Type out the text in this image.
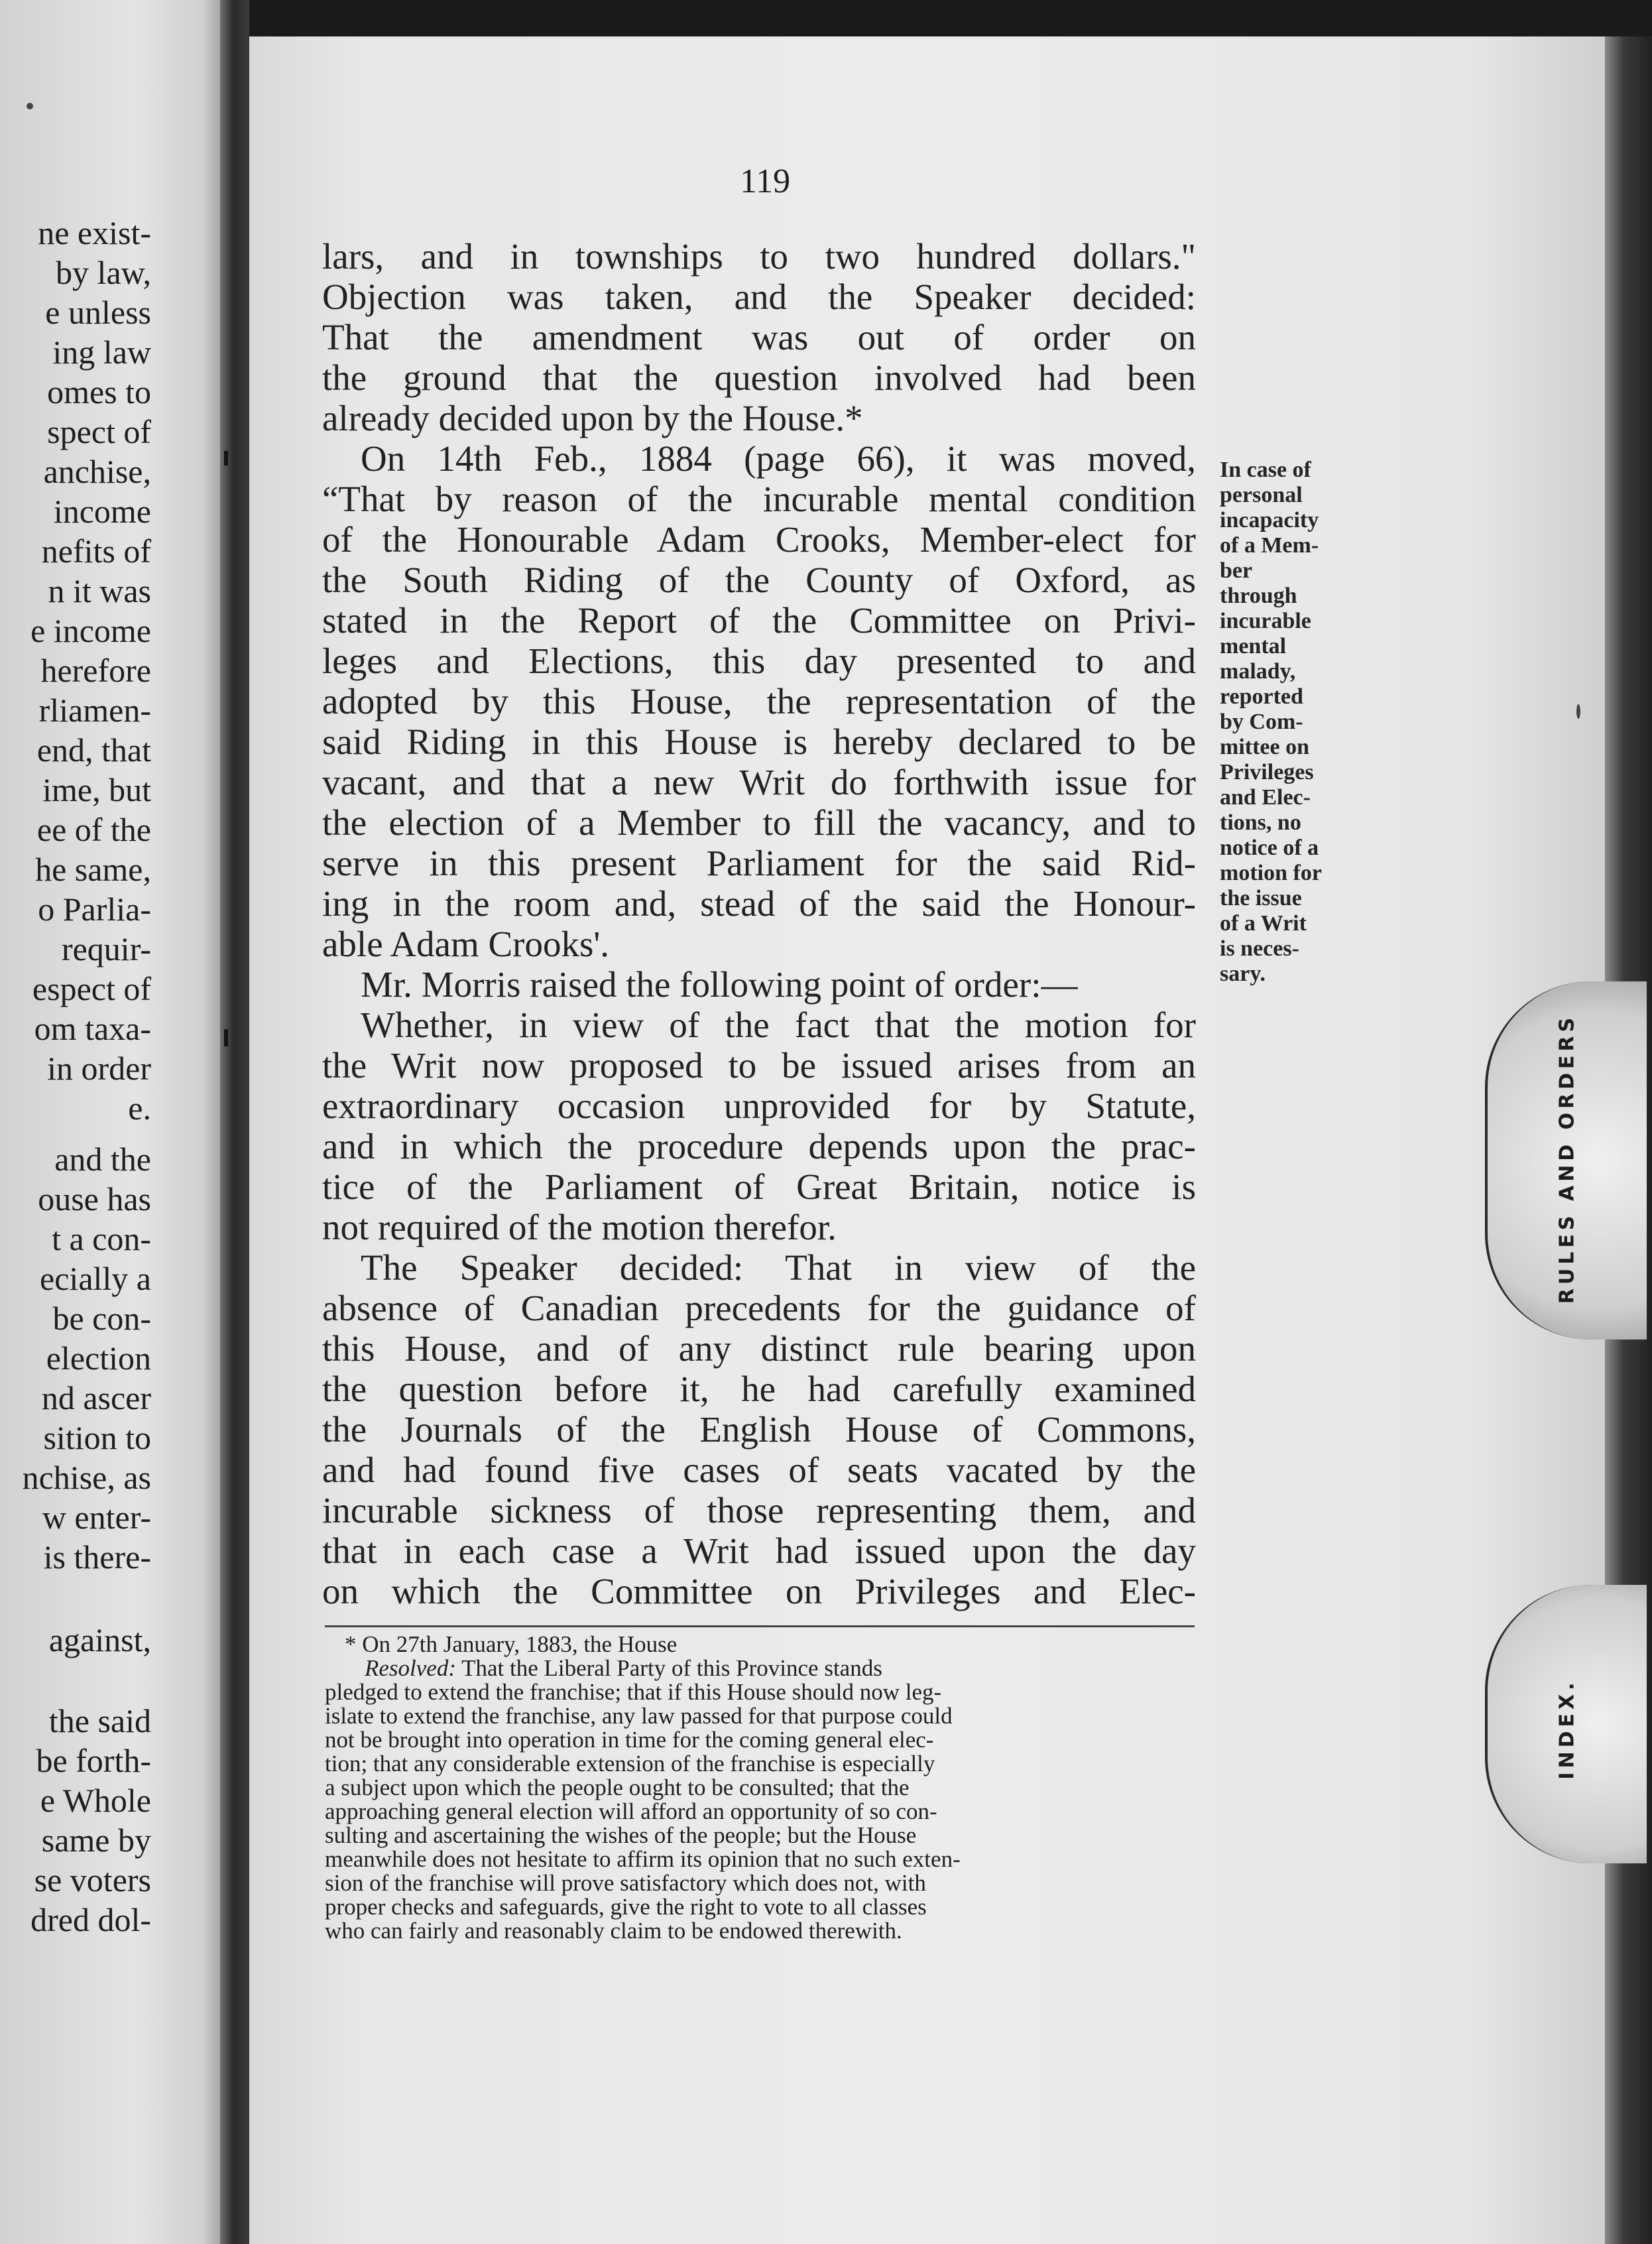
ne exist-
by law,
e unless
ing law
omes to
spect of
anchise,
income
nefits of
n it was
e income
herefore
rliamen-
end, that
ime, but
ee of the
he same,
o Parlia-
requir-
espect of
om taxa-
in order
e.
and the
ouse has
t a con-
ecially a
be con-
election
nd ascer
sition to
nchise, as
w enter-
is there-
against,
the said
be forth-
e Whole
same by
se voters
dred dol-
119
lars, and in townships to two hundred dollars."
Objection was taken, and the Speaker decided:
That the amendment was out of order on
the ground that the question involved had been
already decided upon by the House.*
On 14th Feb., 1884 (page 66), it was moved,
“That by reason of the incurable mental condition
of the Honourable Adam Crooks, Member-elect for
the South Riding of the County of Oxford, as
stated in the Report of the Committee on Privi-
leges and Elections, this day presented to and
adopted by this House, the representation of the
said Riding in this House is hereby declared to be
vacant, and that a new Writ do forthwith issue for
the election of a Member to fill the vacancy, and to
serve in this present Parliament for the said Rid-
ing in the room and, stead of the said the Honour-
able Adam Crooks'.
Mr. Morris raised the following point of order:—
Whether, in view of the fact that the motion for
the Writ now proposed to be issued arises from an
extraordinary occasion unprovided for by Statute,
and in which the procedure depends upon the prac-
tice of the Parliament of Great Britain, notice is
not required of the motion therefor.
The Speaker decided: That in view of the
absence of Canadian precedents for the guidance of
this House, and of any distinct rule bearing upon
the question before it, he had carefully examined
the Journals of the English House of Commons,
and had found five cases of seats vacated by the
incurable sickness of those representing them, and
that in each case a Writ had issued upon the day
on which the Committee on Privileges and Elec-
In case of
personal
incapacity
of a Mem-
ber
through
incurable
mental
malady,
reported
by Com-
mittee on
Privileges
and Elec-
tions, no
notice of a
motion for
the issue
of a Writ
is neces-
sary.
* On 27th January, 1883, the House
Resolved: That the Liberal Party of this Province stands
pledged to extend the franchise; that if this House should now leg-
islate to extend the franchise, any law passed for that purpose could
not be brought into operation in time for the coming general elec-
tion; that any considerable extension of the franchise is especially
a subject upon which the people ought to be consulted; that the
approaching general election will afford an opportunity of so con-
sulting and ascertaining the wishes of the people; but the House
meanwhile does not hesitate to affirm its opinion that no such exten-
sion of the franchise will prove satisfactory which does not, with
proper checks and safeguards, give the right to vote to all classes
who can fairly and reasonably claim to be endowed therewith.
RULES AND ORDERS
INDEX.
